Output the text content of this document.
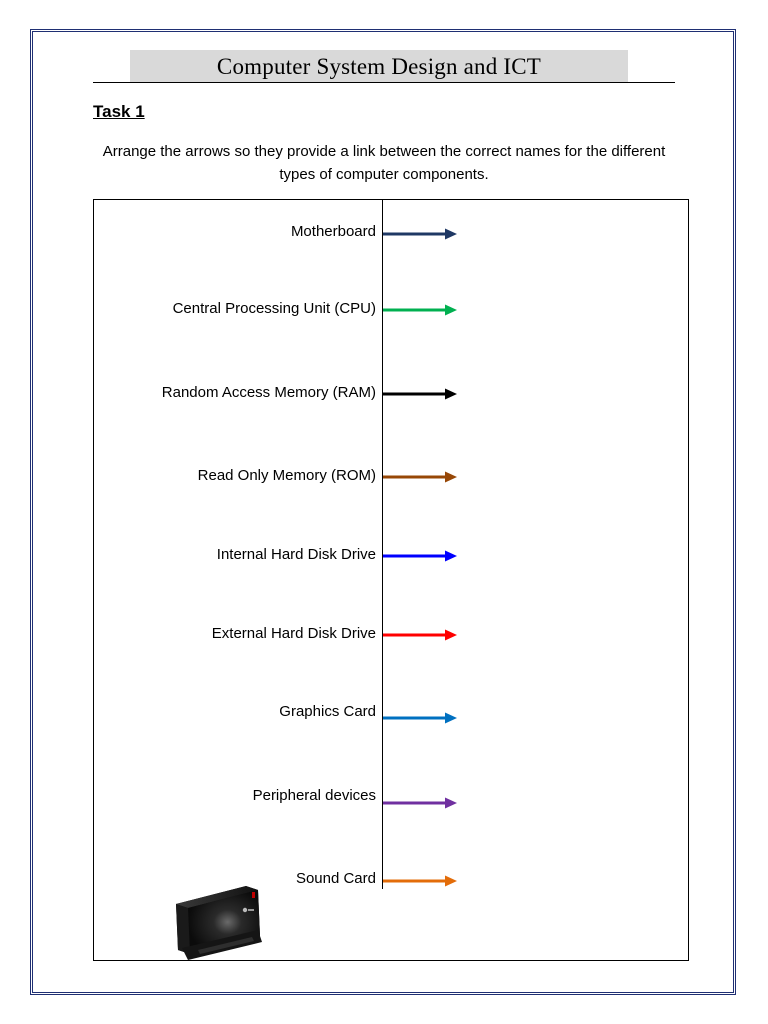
Computer System Design and ICT
Task 1
Arrange the arrows so they provide a link between the correct names for the different types of computer components.
Motherboard
Central Processing Unit (CPU)
Random Access Memory (RAM)
Read Only Memory (ROM)
Internal Hard Disk Drive
External Hard Disk Drive
Graphics Card
Peripheral devices
Sound Card
